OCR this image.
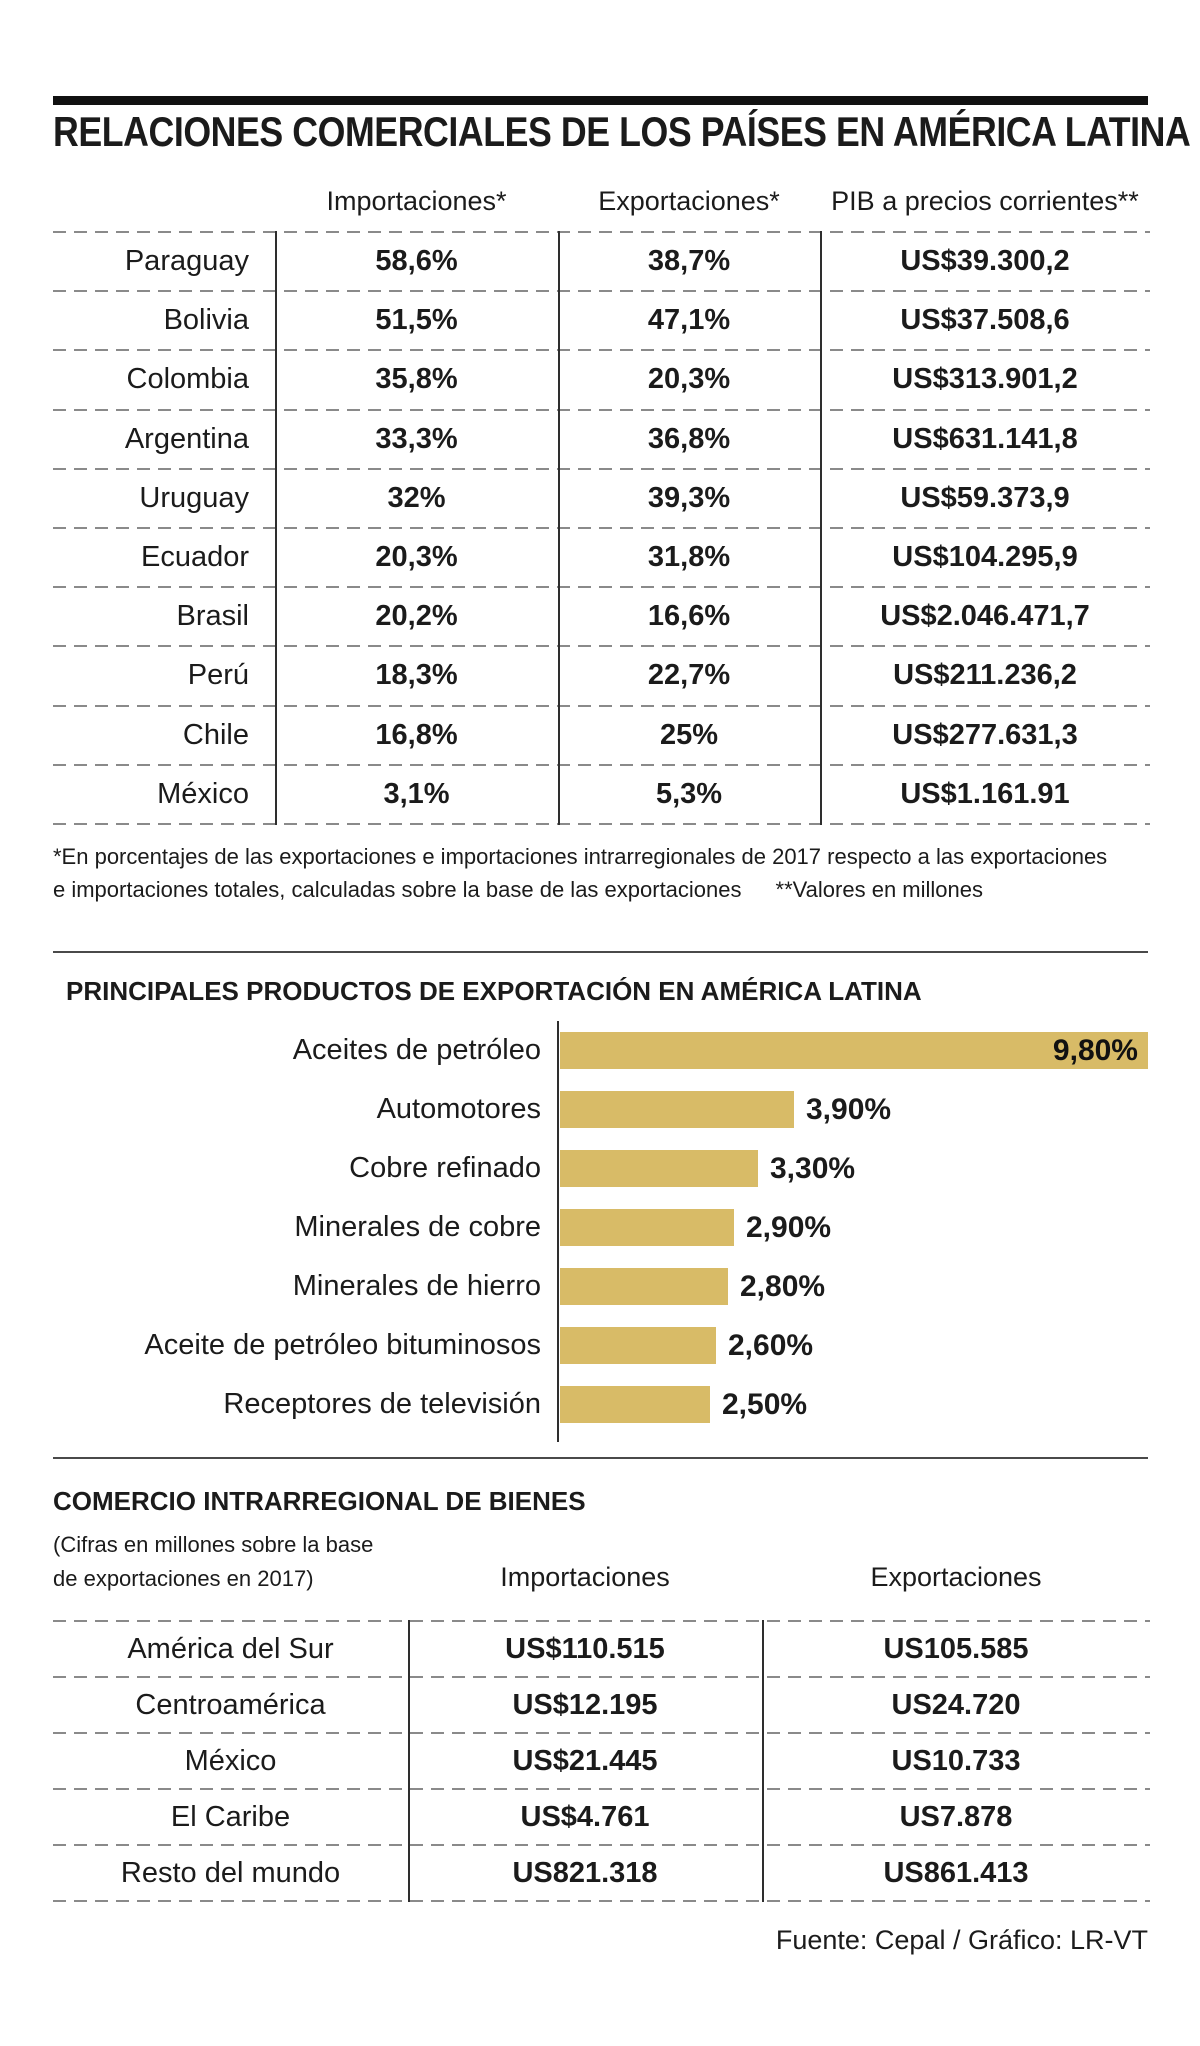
RELACIONES COMERCIALES DE LOS PAÍSES EN AMÉRICA LATINA
Importaciones*	Exportaciones*	PIB a precios corrientes**
Paraguay	58,6%	38,7%	US$39.300,2
Bolivia	51,5%	47,1%	US$37.508,6
Colombia	35,8%	20,3%	US$313.901,2
Argentina	33,3%	36,8%	US$631.141,8
Uruguay	32%	39,3%	US$59.373,9
Ecuador	20,3%	31,8%	US$104.295,9
Brasil	20,2%	16,6%	US$2.046.471,7
Perú	18,3%	22,7%	US$211.236,2
Chile	16,8%	25%	US$277.631,3
México	3,1%	5,3%	US$1.161.91
*En porcentajes de las exportaciones e importaciones intrarregionales de 2017 respecto a las exportaciones
e importaciones totales, calculadas sobre la base de las exportaciones **Valores en millones
PRINCIPALES PRODUCTOS DE EXPORTACIÓN EN AMÉRICA LATINA
Aceites de petróleo	9,80%
Automotores	3,90%
Cobre refinado	3,30%
Minerales de cobre	2,90%
Minerales de hierro	2,80%
Aceite de petróleo bituminosos	2,60%
Receptores de televisión	2,50%
COMERCIO INTRARREGIONAL DE BIENES
(Cifras en millones sobre la base
de exportaciones en 2017)	Importaciones	Exportaciones
América del Sur	US$110.515	US105.585
Centroamérica	US$12.195	US24.720
México	US$21.445	US10.733
El Caribe	US$4.761	US7.878
Resto del mundo	US821.318	US861.413
Fuente: Cepal / Gráfico: LR-VT
